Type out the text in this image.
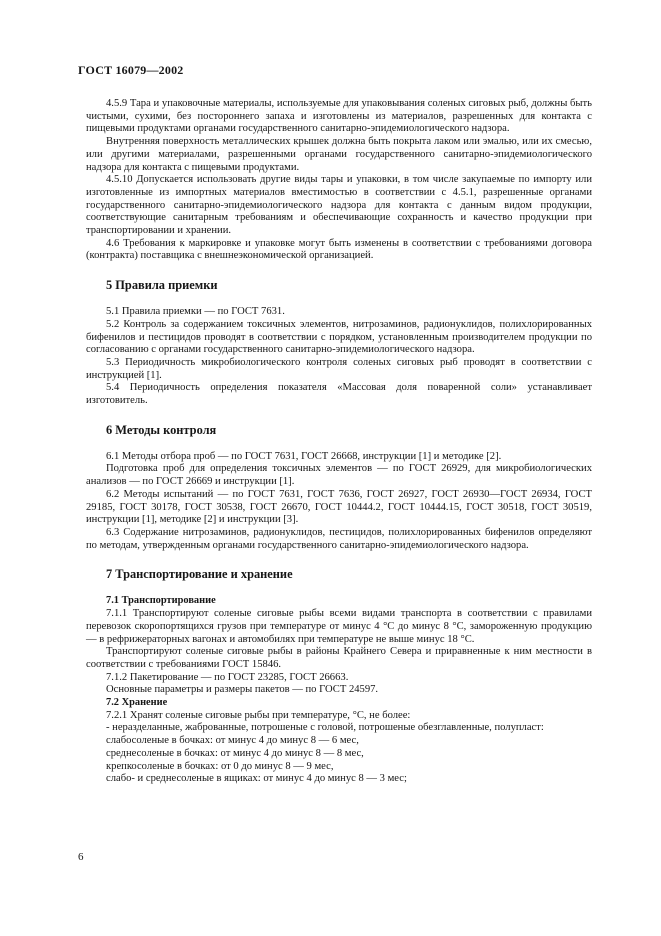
ГОСТ 16079—2002

4.5.9 Тара и упаковочные материалы, используемые для упаковывания соленых сиговых рыб, должны быть чистыми, сухими, без постороннего запаха и изготовлены из материалов, разрешенных для контакта с пищевыми продуктами органами государственного санитарно-эпидемиологического надзора.

Внутренняя поверхность металлических крышек должна быть покрыта лаком или эмалью, или их смесью, или другими материалами, разрешенными органами государственного санитарно-эпидемиологического надзора для контакта с пищевыми продуктами.

4.5.10 Допускается использовать другие виды тары и упаковки, в том числе закупаемые по импорту или изготовленные из импортных материалов вместимостью в соответствии с 4.5.1, разрешенные органами государственного санитарно-эпидемиологического надзора для контакта с данным видом продукции, соответствующие санитарным требованиям и обеспечивающие сохранность и качество продукции при транспортировании и хранении.

4.6 Требования к маркировке и упаковке могут быть изменены в соответствии с требованиями договора (контракта) поставщика с внешнеэкономической организацией.

5 Правила приемки

5.1 Правила приемки — по ГОСТ 7631.

5.2 Контроль за содержанием токсичных элементов, нитрозаминов, радионуклидов, полихлорированных бифенилов и пестицидов проводят в соответствии с порядком, установленным производителем продукции по согласованию с органами государственного санитарно-эпидемиологического надзора.

5.3 Периодичность микробиологического контроля соленых сиговых рыб проводят в соответствии с инструкцией [1].

5.4 Периодичность определения показателя «Массовая доля поваренной соли» устанавливает изготовитель.

6 Методы контроля

6.1 Методы отбора проб — по ГОСТ 7631, ГОСТ 26668, инструкции [1] и методике [2].

Подготовка проб для определения токсичных элементов — по ГОСТ 26929, для микробиологических анализов — по ГОСТ 26669 и инструкции [1].

6.2 Методы испытаний — по ГОСТ 7631, ГОСТ 7636, ГОСТ 26927, ГОСТ 26930—ГОСТ 26934, ГОСТ 29185, ГОСТ 30178, ГОСТ 30538, ГОСТ 26670, ГОСТ 10444.2, ГОСТ 10444.15, ГОСТ 30518, ГОСТ 30519, инструкции [1], методике [2] и инструкции [3].

6.3 Содержание нитрозаминов, радионуклидов, пестицидов, полихлорированных бифенилов определяют по методам, утвержденным органами государственного санитарно-эпидемиологического надзора.

7 Транспортирование и хранение
7.1 Транспортирование

7.1.1 Транспортируют соленые сиговые рыбы всеми видами транспорта в соответствии с правилами перевозок скоропортящихся грузов при температуре от минус 4 °С до минус 8 °С, замороженную продукцию — в рефрижераторных вагонах и автомобилях при температуре не выше минус 18 °С.

Транспортируют соленые сиговые рыбы в районы Крайнего Севера и приравненные к ним местности в соответствии с требованиями ГОСТ 15846.

7.1.2 Пакетирование — по ГОСТ 23285, ГОСТ 26663.

Основные параметры и размеры пакетов — по ГОСТ 24597.

7.2 Хранение

7.2.1 Хранят соленые сиговые рыбы при температуре, °С, не более:

- неразделанные, жаброванные, потрошеные с головой, потрошеные обезглавленные, полупласт:

слабосоленые в бочках: от минус 4 до минус 8 — 6 мес,

среднесоленые в бочках: от минус 4 до минус 8 — 8 мес,

крепкосоленые в бочках: от 0 до минус 8 — 9 мес,

слабо- и среднесоленые в ящиках: от минус 4 до минус 8 — 3 мес;

6
